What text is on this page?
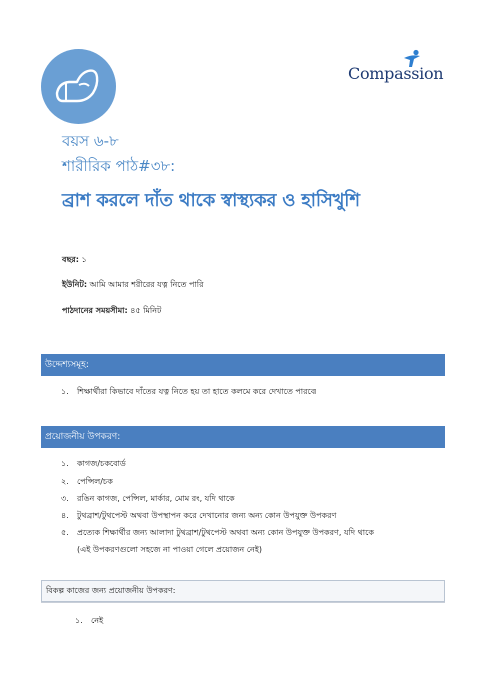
Compassion
বয়স ৬-৮
শারীরিক পাঠ#৩৮:
ব্রাশ করলে দাঁত থাকে স্বাস্থ্যকর ও হাসিখুশি
বছর: ১
ইউনিট: আমি আমার শরীরের যত্ন নিতে পারি
পাঠদানের সময়সীমা: ৪৫ মিনিট
উদ্দেশ্যসমূহ:
১. শিক্ষার্থীরা কিভাবে দাঁতের যত্ন নিতে হয় তা হাতে কলমে করে দেখাতে পারবে৷
প্রয়োজনীয় উপকরণ:
১. কাগজ/চকবোর্ড
২. পেন্সিল/চক
৩. রঙিন কাগজ, পেন্সিল, মার্কার, মোম রং, যদি থাকে
৪. টুথব্রাশ/টুথপেস্ট অথবা উপস্থাপন করে দেখানোর জন্য অন্য কোন উপযুক্ত উপকরণ
৫. প্রত্যেক শিক্ষার্থীর জন্য আলাদা টুথব্রাশ/টুথপেস্ট অথবা অন্য কোন উপযুক্ত উপকরণ, যদি থাকে
(এই উপকরণগুলো সহজে না পাওয়া গেলে প্রয়োজন নেই)
বিকল্প কাজের জন্য প্রয়োজনীয় উপকরণ:
১. নেই
